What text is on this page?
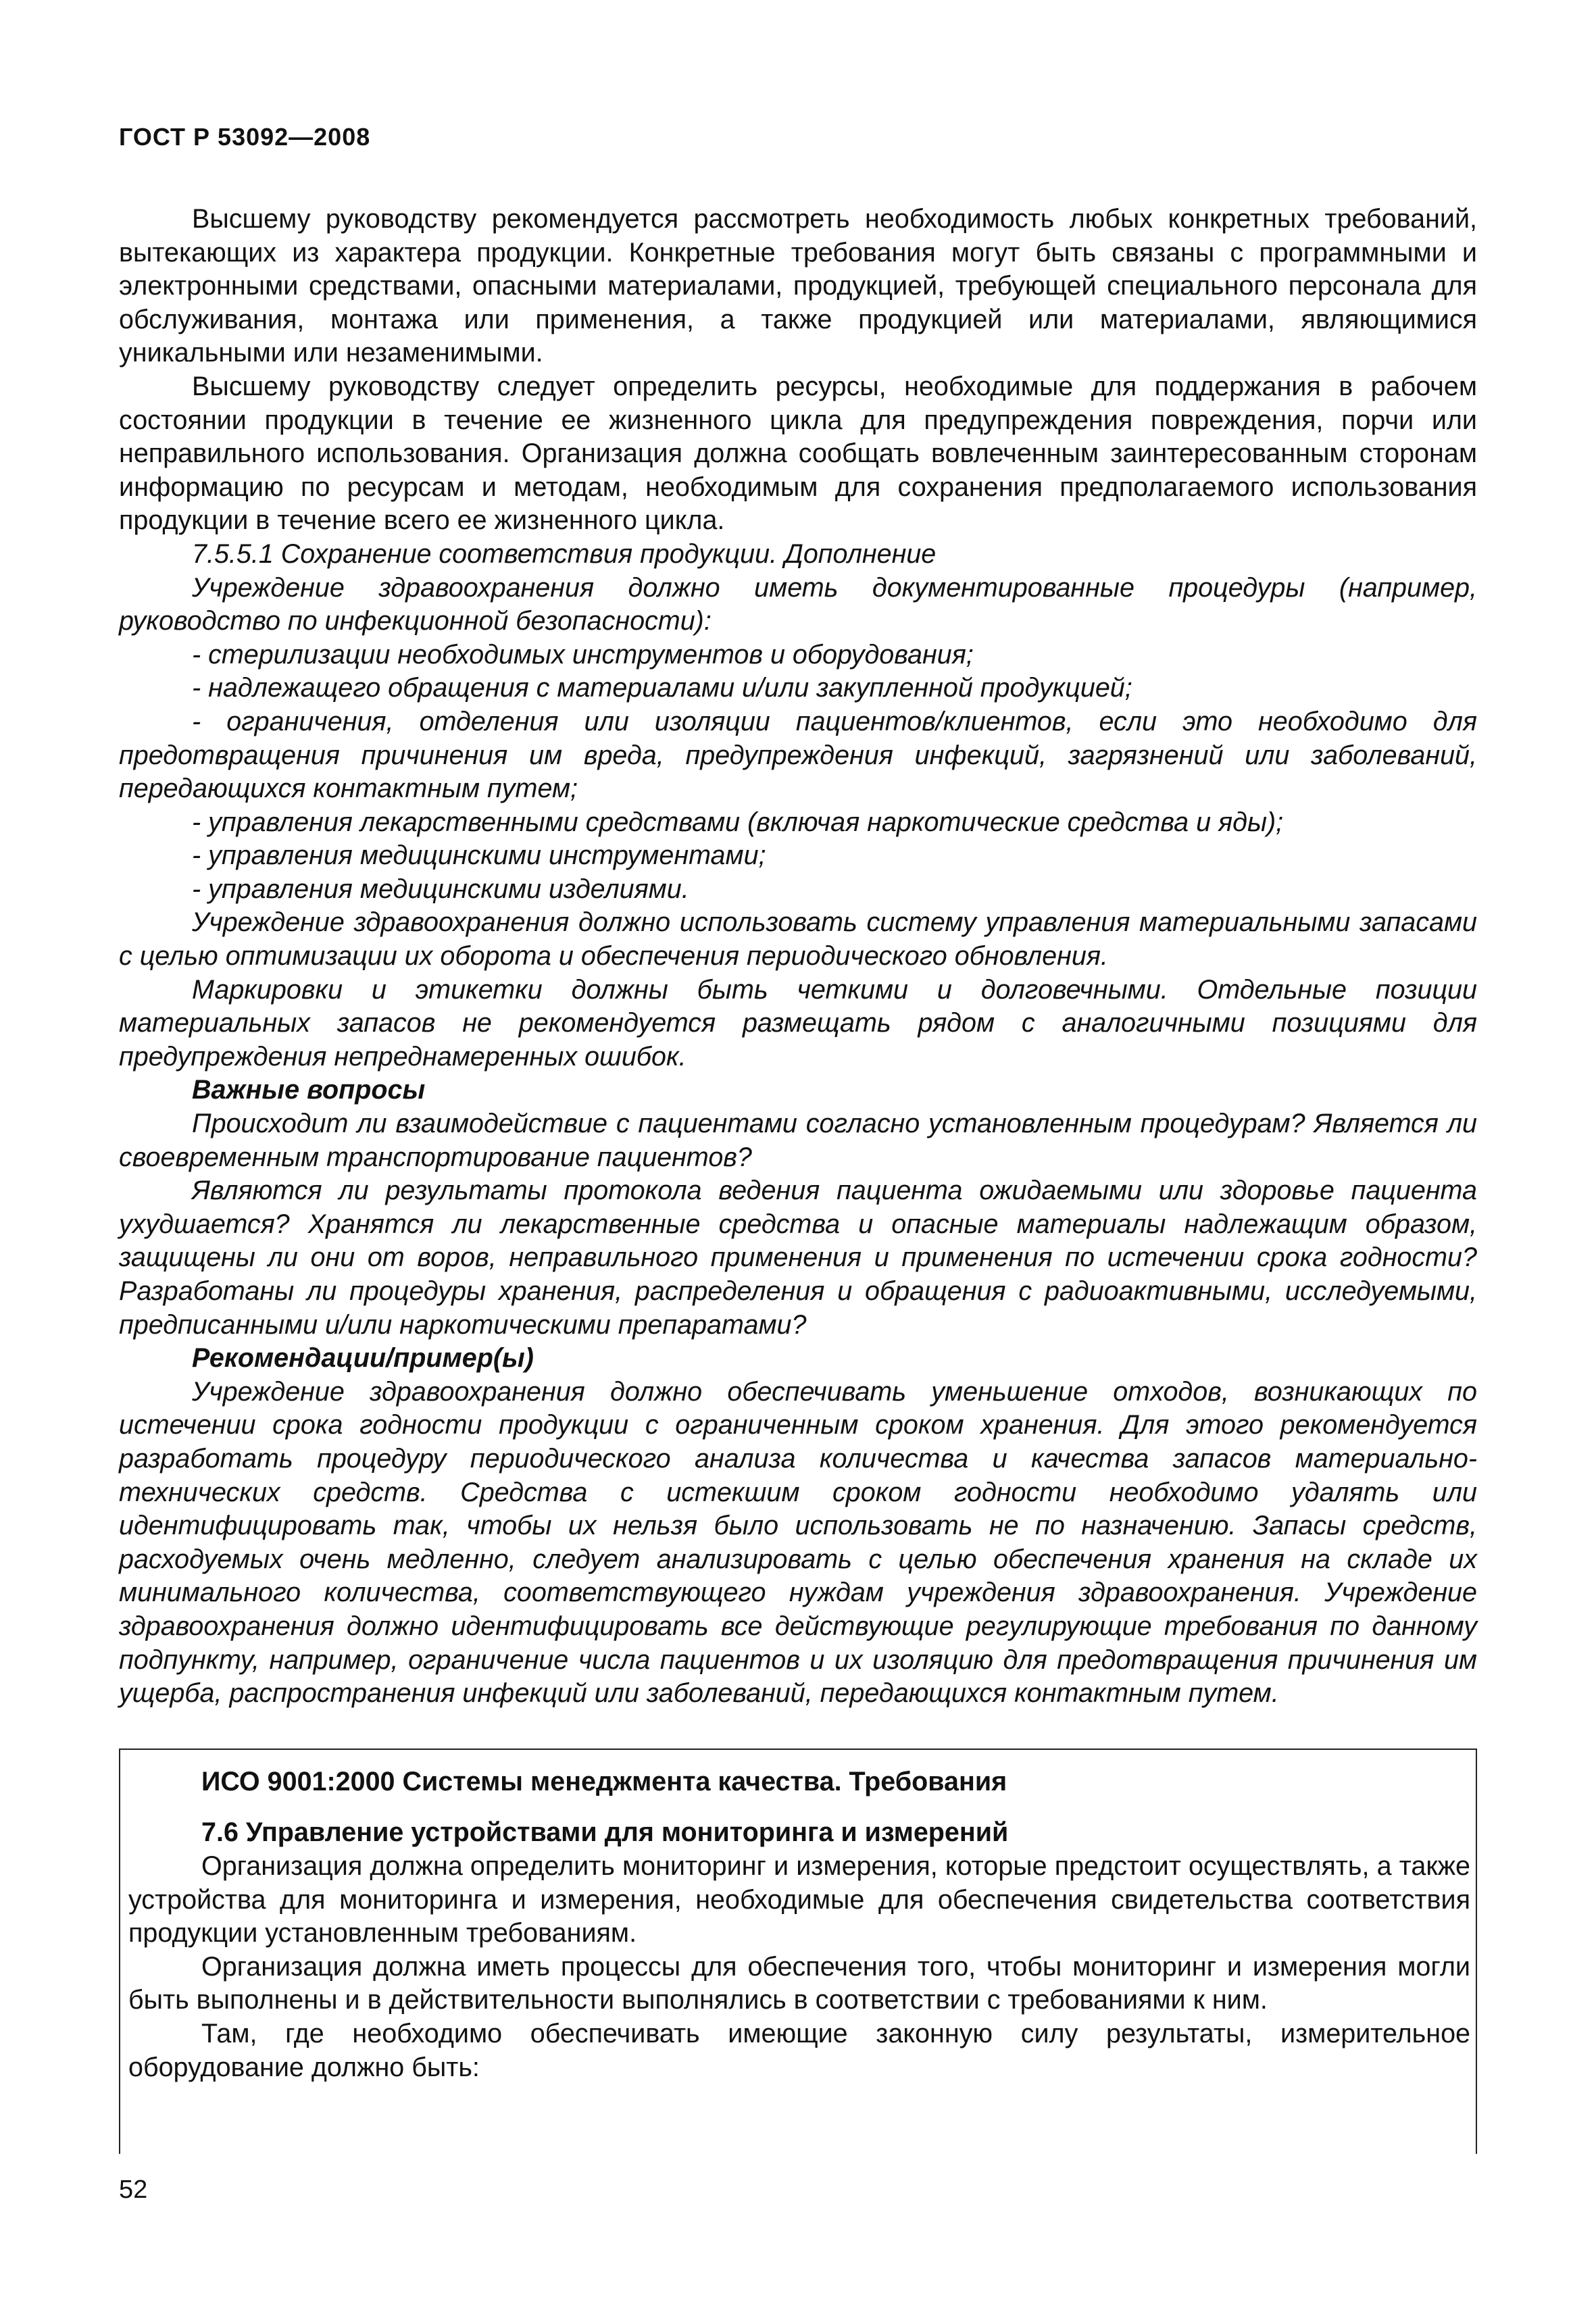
ГОСТ Р 53092—2008

Высшему руководству рекомендуется рассмотреть необходимость любых конкретных требований, вытекающих из характера продукции. Конкретные требования могут быть связаны с программными и электронными средствами, опасными материалами, продукцией, требующей специального персонала для обслуживания, монтажа или применения, а также продукцией или материалами, являющимися уникальными или незаменимыми.

Высшему руководству следует определить ресурсы, необходимые для поддержания в рабочем состоянии продукции в течение ее жизненного цикла для предупреждения повреждения, порчи или неправильного использования. Организация должна сообщать вовлеченным заинтересованным сторонам информацию по ресурсам и методам, необходимым для сохранения предполагаемого использования продукции в течение всего ее жизненного цикла.

7.5.5.1 Сохранение соответствия продукции. Дополнение

Учреждение здравоохранения должно иметь документированные процедуры (например, руководство по инфекционной безопасности):

- стерилизации необходимых инструментов и оборудования;

- надлежащего обращения с материалами и/или закупленной продукцией;

- ограничения, отделения или изоляции пациентов/клиентов, если это необходимо для предотвращения причинения им вреда, предупреждения инфекций, загрязнений или заболеваний, передающихся контактным путем;

- управления лекарственными средствами (включая наркотические средства и яды);

- управления медицинскими инструментами;

- управления медицинскими изделиями.

Учреждение здравоохранения должно использовать систему управления материальными запасами с целью оптимизации их оборота и обеспечения периодического обновления.

Маркировки и этикетки должны быть четкими и долговечными. Отдельные позиции материальных запасов не рекомендуется размещать рядом с аналогичными позициями для предупреждения непреднамеренных ошибок.

Важные вопросы

Происходит ли взаимодействие с пациентами согласно установленным процедурам? Является ли своевременным транспортирование пациентов?

Являются ли результаты протокола ведения пациента ожидаемыми или здоровье пациента ухудшается? Хранятся ли лекарственные средства и опасные материалы надлежащим образом, защищены ли они от воров, неправильного применения и применения по истечении срока годности? Разработаны ли процедуры хранения, распределения и обращения с радиоактивными, исследуемыми, предписанными и/или наркотическими препаратами?

Рекомендации/пример(ы)

Учреждение здравоохранения должно обеспечивать уменьшение отходов, возникающих по истечении срока годности продукции с ограниченным сроком хранения. Для этого рекомендуется разработать процедуру периодического анализа количества и качества запасов материально-технических средств. Средства с истекшим сроком годности необходимо удалять или идентифицировать так, чтобы их нельзя было использовать не по назначению. Запасы средств, расходуемых очень медленно, следует анализировать с целью обеспечения хранения на складе их минимального количества, соответствующего нуждам учреждения здравоохранения. Учреждение здравоохранения должно идентифицировать все действующие регулирующие требования по данному подпункту, например, ограничение числа пациентов и их изоляцию для предотвращения причинения им ущерба, распространения инфекций или заболеваний, передающихся контактным путем.

ИСО 9001:2000 Системы менеджмента качества. Требования

7.6 Управление устройствами для мониторинга и измерений

Организация должна определить мониторинг и измерения, которые предстоит осуществлять, а также устройства для мониторинга и измерения, необходимые для обеспечения свидетельства соответствия продукции установленным требованиям.

Организация должна иметь процессы для обеспечения того, чтобы мониторинг и измерения могли быть выполнены и в действительности выполнялись в соответствии с требованиями к ним.

Там, где необходимо обеспечивать имеющие законную силу результаты, измерительное оборудование должно быть:

52
